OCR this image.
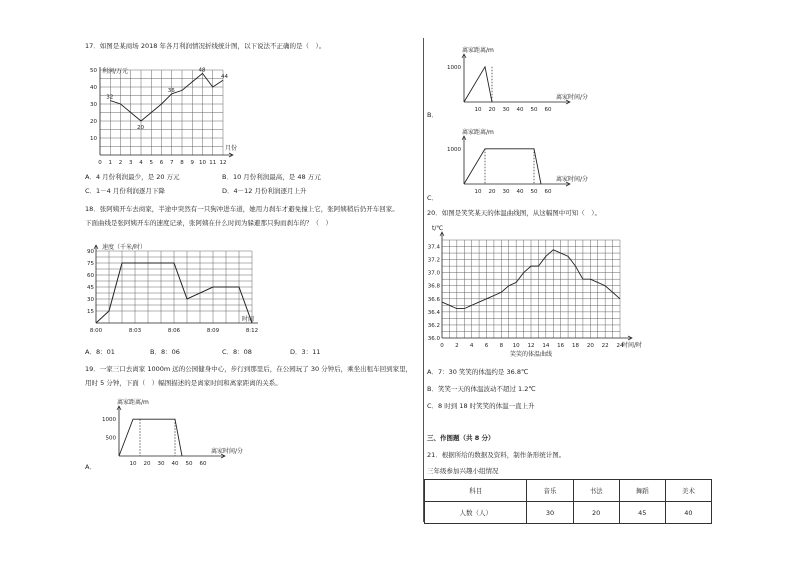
17．如图是某商场 2018 年各月利润情况折线统计图，以下说法不正确的是（　）。
0 1 2 3 4 5 6 7 8 9 10 11 12
10
20
30
40
50 利润/万元
月份
32
20
36
48
44
A．4 月份利润最少，是 20 万元	B．10 月份利润最高，是 48 万元
C．1－4 月份利润逐月下降	D．4－12 月份利润逐月上升
18．张阿姨开车去商家，半途中突然有一只狗冲进车道，她用力刹车才避免撞上它，张阿姨稍后仍开车回家。
下面曲线是张阿姨开车的速度记录，张阿姨在什么时间为躲避那只狗而刹车的？（　）
15
30
45
60
75
90
8:00	8:03	8:06	8:09	8:12
速度（千米/时）
时间
A．8：01	B．8：06	C．8：08	D．3：11
19．一家三口去离家 1000m 远的公园健身中心，步行到那里后，在公园玩了 30 分钟后，乘坐出租车回到家里，
用时 5 分钟，下面（　）幅图描述的是离家时间和离家距离的关系。
离家距离/m
离家时间/分
10 20 30 40 50 60
500
1000
A．
离家距离/m
离家时间/分
10 20 30 40 50 60
1000
B．
离家距离/m
离家时间/分
10 20 30 40 50 60
1000
C．
20．如图是笑笑某天的体温曲线图，从这幅图中可知（　）。
t/℃
时间/时
36.0
36.2
36.4
36.6
36.8
37.0
37.2
37.4
0 2 4 6 8 10 12 14 16 18 20 22 24
笑笑的体温曲线
A．7：30 笑笑的体温约是 36.8℃
B．笑笑一天的体温波动不超过 1.2℃
C．8 时到 18 时笑笑的体温一直上升
三、作图题（共 8 分）
21．根据所给的数据及资料，制作条形统计图。
三年级参加兴趣小组情况
科目	音乐	书法	舞蹈	美术
人数（人）	30	20	45	40
